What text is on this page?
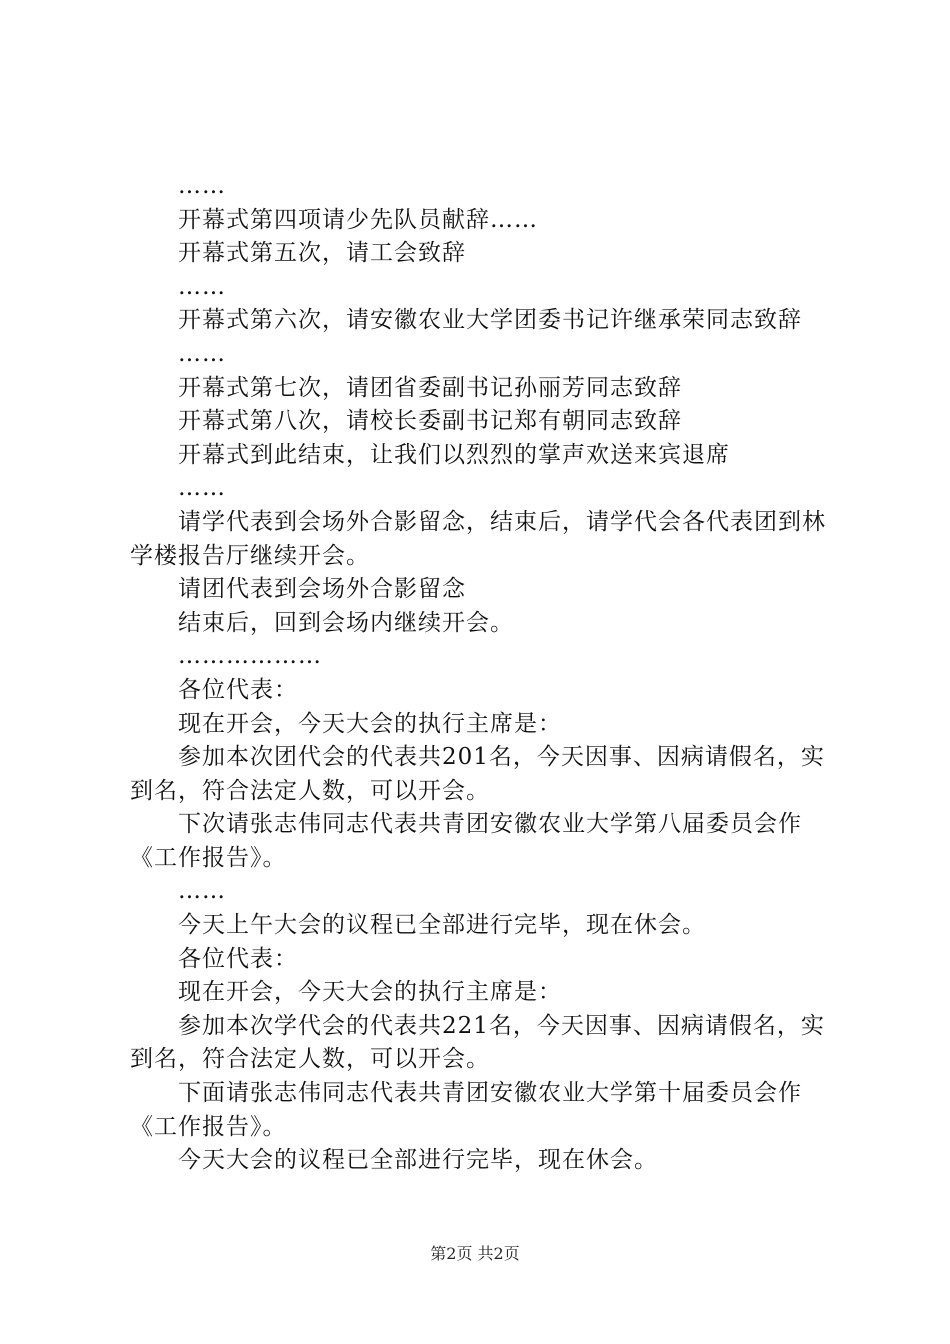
……

开幕式第四项请少先队员献辞……

开幕式第五次，请工会致辞

……

开幕式第六次，请安徽农业大学团委书记许继承荣同志致辞

……

开幕式第七次，请团省委副书记孙丽芳同志致辞

开幕式第八次，请校长委副书记郑有朝同志致辞

开幕式到此结束，让我们以烈烈的掌声欢送来宾退席

……

请学代表到会场外合影留念，结束后，请学代会各代表团到林学楼报告厅继续开会。

请团代表到会场外合影留念

结束后，回到会场内继续开会。

………………

各位代表：

现在开会，今天大会的执行主席是：

参加本次团代会的代表共201名，今天因事、因病请假名，实到名，符合法定人数，可以开会。

下次请张志伟同志代表共青团安徽农业大学第八届委员会作《工作报告》。

……

今天上午大会的议程已全部进行完毕，现在休会。

各位代表：

现在开会，今天大会的执行主席是：

参加本次学代会的代表共221名，今天因事、因病请假名，实到名，符合法定人数，可以开会。

下面请张志伟同志代表共青团安徽农业大学第十届委员会作《工作报告》。

今天大会的议程已全部进行完毕，现在休会。

第2页 共2页
